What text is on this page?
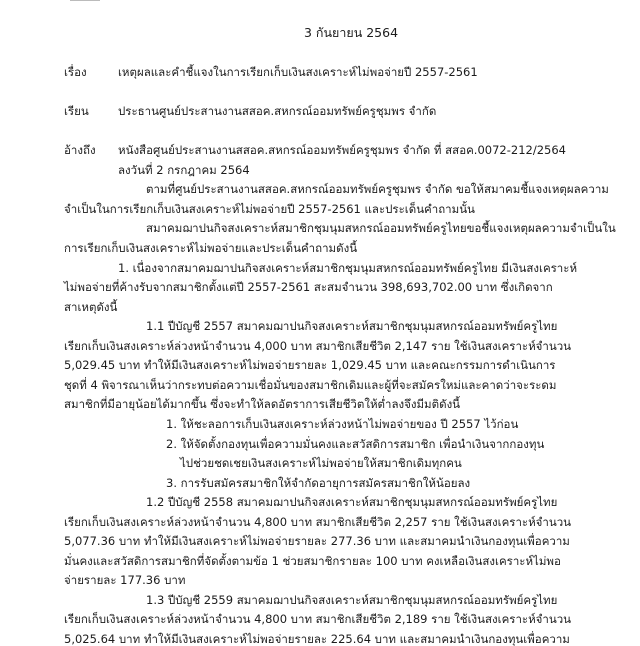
3 กันยายน 2564
เรื่อง	เหตุผลและคำชี้แจงในการเรียกเก็บเงินสงเคราะห์ไม่พอจ่ายปี 2557-2561
เรียน	ประธานศูนย์ประสานงานสสอค.สหกรณ์ออมทรัพย์ครูชุมพร จำกัด
อ้างถึง หนังสือศูนย์ประสานงานสสอค.สหกรณ์ออมทรัพย์ครูชุมพร จำกัด ที่ สสอค.0072-212/2564
ลงวันที่ 2 กรกฎาคม 2564
ตามที่ศูนย์ประสานงานสสอค.สหกรณ์ออมทรัพย์ครูชุมพร จำกัด ขอให้สมาคมชี้แจงเหตุผลความ
จำเป็นในการเรียกเก็บเงินสงเคราะห์ไม่พอจ่ายปี 2557-2561 และประเด็นคำถามนั้น
สมาคมฌาปนกิจสงเคราะห์สมาชิกชุมนุมสหกรณ์ออมทรัพย์ครูไทยขอชี้แจงเหตุผลความจำเป็นใน
การเรียกเก็บเงินสงเคราะห์ไม่พอจ่ายและประเด็นคำถามดังนี้
1. เนื่องจากสมาคมฌาปนกิจสงเคราะห์สมาชิกชุมนุมสหกรณ์ออมทรัพย์ครูไทย มีเงินสงเคราะห์
ไม่พอจ่ายที่ค้างรับจากสมาชิกตั้งแต่ปี 2557-2561 สะสมจำนวน 398,693,702.00 บาท ซึ่งเกิดจาก
สาเหตุดังนี้
1.1 ปีบัญชี 2557 สมาคมฌาปนกิจสงเคราะห์สมาชิกชุมนุมสหกรณ์ออมทรัพย์ครูไทย
เรียกเก็บเงินสงเคราะห์ล่วงหน้าจำนวน 4,000 บาท สมาชิกเสียชีวิต 2,147 ราย ใช้เงินสงเคราะห์จำนวน
5,029.45 บาท ทำให้มีเงินสงเคราะห์ไม่พอจ่ายรายละ 1,029.45 บาท และคณะกรรมการดำเนินการ
ชุดที่ 4 พิจารณาเห็นว่ากระทบต่อความเชื่อมั่นของสมาชิกเดิมและผู้ที่จะสมัครใหม่และคาดว่าจะระดม
สมาชิกที่มีอายุน้อยได้มากขึ้น ซึ่งจะทำให้ลดอัตราการเสียชีวิตให้ต่ำลงจึงมีมติดังนี้
1. ให้ชะลอการเก็บเงินสงเคราะห์ล่วงหน้าไม่พอจ่ายของ ปี 2557 ไว้ก่อน
2. ให้จัดตั้งกองทุนเพื่อความมั่นคงและสวัสดิการสมาชิก เพื่อนำเงินจากกองทุน
ไปช่วยชดเชยเงินสงเคราะห์ไม่พอจ่ายให้สมาชิกเดิมทุกคน
3. การรับสมัครสมาชิกให้จำกัดอายุการสมัครสมาชิกให้น้อยลง
1.2 ปีบัญชี 2558 สมาคมฌาปนกิจสงเคราะห์สมาชิกชุมนุมสหกรณ์ออมทรัพย์ครูไทย
เรียกเก็บเงินสงเคราะห์ล่วงหน้าจำนวน 4,800 บาท สมาชิกเสียชีวิต 2,257 ราย ใช้เงินสงเคราะห์จำนวน
5,077.36 บาท ทำให้มีเงินสงเคราะห์ไม่พอจ่ายรายละ 277.36 บาท และสมาคมนำเงินกองทุนเพื่อความ
มั่นคงและสวัสดิการสมาชิกที่จัดตั้งตามข้อ 1 ช่วยสมาชิกรายละ 100 บาท คงเหลือเงินสงเคราะห์ไม่พอ
จ่ายรายละ 177.36 บาท
1.3 ปีบัญชี 2559 สมาคมฌาปนกิจสงเคราะห์สมาชิกชุมนุมสหกรณ์ออมทรัพย์ครูไทย
เรียกเก็บเงินสงเคราะห์ล่วงหน้าจำนวน 4,800 บาท สมาชิกเสียชีวิต 2,189 ราย ใช้เงินสงเคราะห์จำนวน
5,025.64 บาท ทำให้มีเงินสงเคราะห์ไม่พอจ่ายรายละ 225.64 บาท และสมาคมนำเงินกองทุนเพื่อความ
